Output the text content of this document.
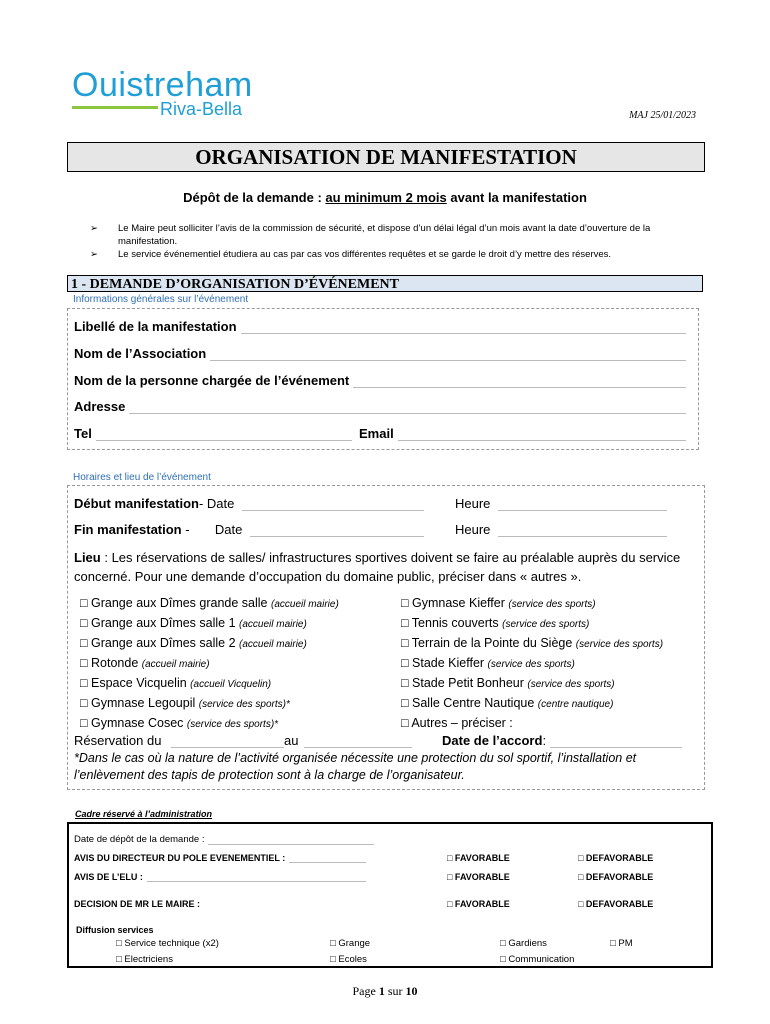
Ouistreham
Riva-Bella	MAJ 25/01/2023
ORGANISATION DE MANIFESTATION
Dépôt de la demande : au minimum 2 mois avant la manifestation
➢	Le Maire peut solliciter l’avis de la commission de sécurité, et dispose d’un délai légal d’un mois avant la date d’ouverture de la manifestation.
➢	Le service événementiel étudiera au cas par cas vos différentes requêtes et se garde le droit d’y mettre des réserves.
1 - DEMANDE D’ORGANISATION D’ÉVÉNEMENT
Informations générales sur l’événement
Libellé de la manifestation
Nom de l’Association
Nom de la personne chargée de l’événement
Adresse
Tel	Email
Horaires et lieu de l’événement
Début manifestation - Date	Heure
Fin manifestation -       Date	Heure
Lieu : Les réservations de salles/ infrastructures sportives doivent se faire au préalable auprès du service concerné. Pour une demande d’occupation du domaine public, préciser dans « autres ».
□ Grange aux Dîmes grande salle (accueil mairie)
□ Grange aux Dîmes salle 1 (accueil mairie)
□ Grange aux Dîmes salle 2 (accueil mairie)
□ Rotonde (accueil mairie)
□ Espace Vicquelin (accueil Vicquelin)
□ Gymnase Legoupil (service des sports)*
□ Gymnase Cosec (service des sports)*
□ Gymnase Kieffer (service des sports)
□ Tennis couverts (service des sports)
□ Terrain de la Pointe du Siège (service des sports)
□ Stade Kieffer (service des sports)
□ Stade Petit Bonheur (service des sports)
□ Salle Centre Nautique (centre nautique)
□ Autres – préciser :
Réservation du	au	Date de l’accord :
*Dans le cas où la nature de l’activité organisée nécessite une protection du sol sportif, l’installation et l’enlèvement des tapis de protection sont à la charge de l’organisateur.
Cadre réservé à l’administration
Date de dépôt de la demande :
AVIS DU DIRECTEUR DU POLE EVENEMENTIEL :	□ FAVORABLE	□ DEFAVORABLE
AVIS DE L’ELU :	□ FAVORABLE	□ DEFAVORABLE
DECISION DE MR LE MAIRE :	□ FAVORABLE	□ DEFAVORABLE
Diffusion services
□ Service technique (x2)	□ Grange	□ Gardiens	□ PM
□ Electriciens	□ Ecoles	□ Communication
Page 1 sur 10
